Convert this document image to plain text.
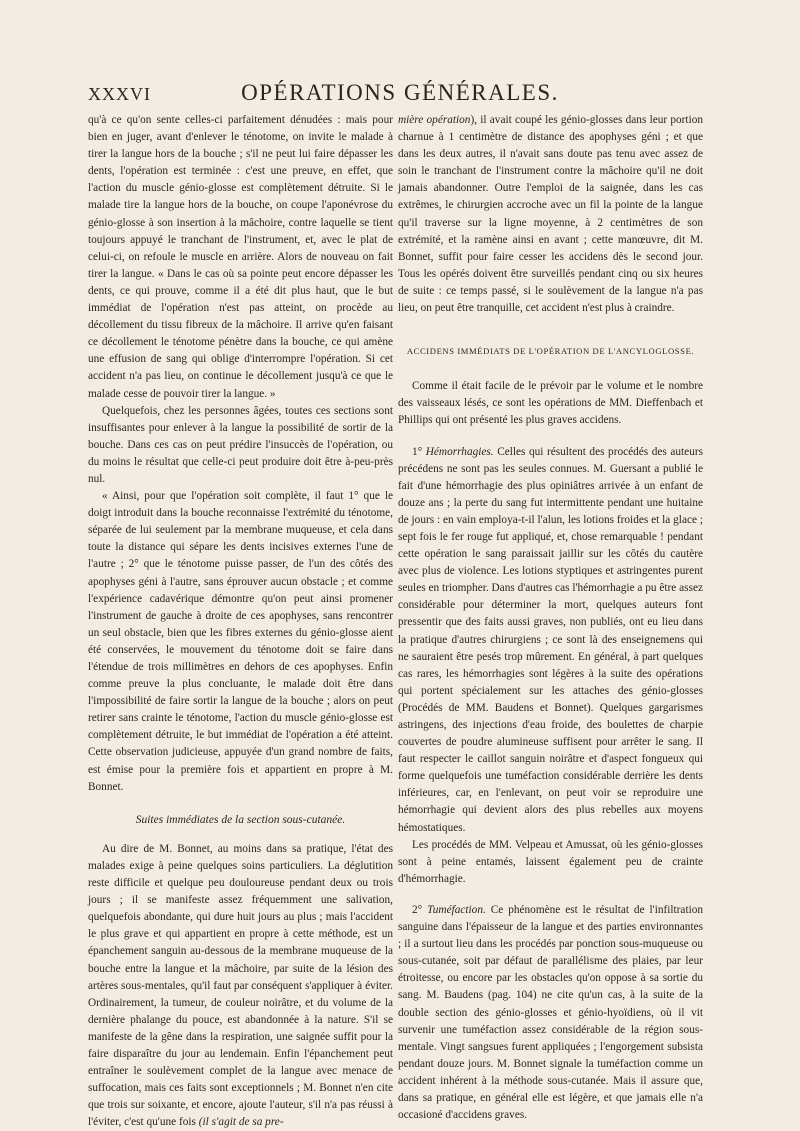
XXXVI	OPÉRATIONS GÉNÉRALES.

qu'à ce qu'on sente celles-ci parfaitement dénudées : mais pour bien en juger, avant d'enlever le ténotome, on invite le malade à tirer la langue hors de la bouche ; s'il ne peut lui faire dépasser les dents, l'opération est terminée : c'est une preuve, en effet, que l'action du muscle génio-glosse est complètement détruite. Si le malade tire la langue hors de la bouche, on coupe l'aponévrose du génio-glosse à son insertion à la mâchoire, contre laquelle se tient toujours appuyé le tranchant de l'instrument, et, avec le plat de celui-ci, on refoule le muscle en arrière. Alors de nouveau on fait tirer la langue. « Dans le cas où sa pointe peut encore dépasser les dents, ce qui prouve, comme il a été dit plus haut, que le but immédiat de l'opération n'est pas atteint, on procède au décollement du tissu fibreux de la mâchoire. Il arrive qu'en faisant ce décollement le ténotome pénètre dans la bouche, ce qui amène une effusion de sang qui oblige d'interrompre l'opération. Si cet accident n'a pas lieu, on continue le décollement jusqu'à ce que le malade cesse de pouvoir tirer la langue. »

Quelquefois, chez les personnes âgées, toutes ces sections sont insuffisantes pour enlever à la langue la possibilité de sortir de la bouche. Dans ces cas on peut prédire l'insuccès de l'opération, ou du moins le résultat que celle-ci peut produire doit être à-peu-près nul.

« Ainsi, pour que l'opération soit complète, il faut 1° que le doigt introduit dans la bouche reconnaisse l'extrémité du ténotome, séparée de lui seulement par la membrane muqueuse, et cela dans toute la distance qui sépare les dents incisives externes l'une de l'autre ; 2° que le ténotome puisse passer, de l'un des côtés des apophyses géni à l'autre, sans éprouver aucun obstacle ; et comme l'expérience cadavérique démontre qu'on peut ainsi promener l'instrument de gauche à droite de ces apophyses, sans rencontrer un seul obstacle, bien que les fibres externes du génio-glosse aient été conservées, le mouvement du ténotome doit se faire dans l'étendue de trois millimètres en dehors de ces apophyses. Enfin comme preuve la plus concluante, le malade doit être dans l'impossibilité de faire sortir la langue de la bouche ; alors on peut retirer sans crainte le ténotome, l'action du muscle génio-glosse est complètement détruite, le but immédiat de l'opération a été atteint. Cette observation judicieuse, appuyée d'un grand nombre de faits, est émise pour la première fois et appartient en propre à M. Bonnet.

Suites immédiates de la section sous-cutanée.

Au dire de M. Bonnet, au moins dans sa pratique, l'état des malades exige à peine quelques soins particuliers. La déglutition reste difficile et quelque peu douloureuse pendant deux ou trois jours ; il se manifeste assez fréquemment une salivation, quelquefois abondante, qui dure huit jours au plus ; mais l'accident le plus grave et qui appartient en propre à cette méthode, est un épanchement sanguin au-dessous de la membrane muqueuse de la bouche entre la langue et la mâchoire, par suite de la lésion des artères sous-mentales, qu'il faut par conséquent s'appliquer à éviter. Ordinairement, la tumeur, de couleur noirâtre, et du volume de la dernière phalange du pouce, est abandonnée à la nature. S'il se manifeste de la gêne dans la respiration, une saignée suffit pour la faire disparaître du jour au lendemain. Enfin l'épanchement peut entraîner le soulèvement complet de la langue avec menace de suffocation, mais ces faits sont exceptionnels ; M. Bonnet n'en cite que trois sur soixante, et encore, ajoute l'auteur, s'il n'a pas réussi à l'éviter, c'est qu'une fois (il s'agit de sa pre-

mière opération), il avait coupé les génio-glosses dans leur portion charnue à 1 centimètre de distance des apophyses géni ; et que dans les deux autres, il n'avait sans doute pas tenu avec assez de soin le tranchant de l'instrument contre la mâchoire qu'il ne doit jamais abandonner. Outre l'emploi de la saignée, dans les cas extrêmes, le chirurgien accroche avec un fil la pointe de la langue qu'il traverse sur la ligne moyenne, à 2 centimètres de son extrémité, et la ramène ainsi en avant ; cette manœuvre, dit M. Bonnet, suffit pour faire cesser les accidens dès le second jour. Tous les opérés doivent être surveillés pendant cinq ou six heures de suite : ce temps passé, si le soulèvement de la langue n'a pas lieu, on peut être tranquille, cet accident n'est plus à craindre.

ACCIDENS IMMÉDIATS DE L'OPÉRATION DE L'ANCYLOGLOSSE.

Comme il était facile de le prévoir par le volume et le nombre des vaisseaux lésés, ce sont les opérations de MM. Dieffenbach et Phillips qui ont présenté les plus graves accidens.

1° Hémorrhagies. Celles qui résultent des procédés des auteurs précédens ne sont pas les seules connues. M. Guersant a publié le fait d'une hémorrhagie des plus opiniâtres arrivée à un enfant de douze ans ; la perte du sang fut intermittente pendant une huitaine de jours : en vain employa-t-il l'alun, les lotions froides et la glace ; sept fois le fer rouge fut appliqué, et, chose remarquable ! pendant cette opération le sang paraissait jaillir sur les côtés du cautère avec plus de violence. Les lotions styptiques et astringentes purent seules en triompher. Dans d'autres cas l'hémorrhagie a pu être assez considérable pour déterminer la mort, quelques auteurs font pressentir que des faits aussi graves, non publiés, ont eu lieu dans la pratique d'autres chirurgiens ; ce sont là des enseignemens qui ne sauraient être pesés trop mûrement. En général, à part quelques cas rares, les hémorrhagies sont légères à la suite des opérations qui portent spécialement sur les attaches des génio-glosses (Procédés de MM. Baudens et Bonnet). Quelques gargarismes astringens, des injections d'eau froide, des boulettes de charpie couvertes de poudre alumineuse suffisent pour arrêter le sang. Il faut respecter le caillot sanguin noirâtre et d'aspect fongueux qui forme quelquefois une tuméfaction considérable derrière les dents inférieures, car, en l'enlevant, on peut voir se reproduire une hémorrhagie qui devient alors des plus rebelles aux moyens hémostatiques.

Les procédés de MM. Velpeau et Amussat, où les génio-glosses sont à peine entamés, laissent également peu de crainte d'hémorrhagie.

2° Tuméfaction. Ce phénomène est le résultat de l'infiltration sanguine dans l'épaisseur de la langue et des parties environnantes ; il a surtout lieu dans les procédés par ponction sous-muqueuse ou sous-cutanée, soit par défaut de parallélisme des plaies, par leur étroitesse, ou encore par les obstacles qu'on oppose à sa sortie du sang. M. Baudens (pag. 104) ne cite qu'un cas, à la suite de la double section des génio-glosses et génio-hyoïdiens, où il vit survenir une tuméfaction assez considérable de la région sous-mentale. Vingt sangsues furent appliquées ; l'engorgement subsista pendant douze jours. M. Bonnet signale la tuméfaction comme un accident inhérent à la méthode sous-cutanée. Mais il assure que, dans sa pratique, en général elle est légère, et que jamais elle n'a occasioné d'accidens graves.
